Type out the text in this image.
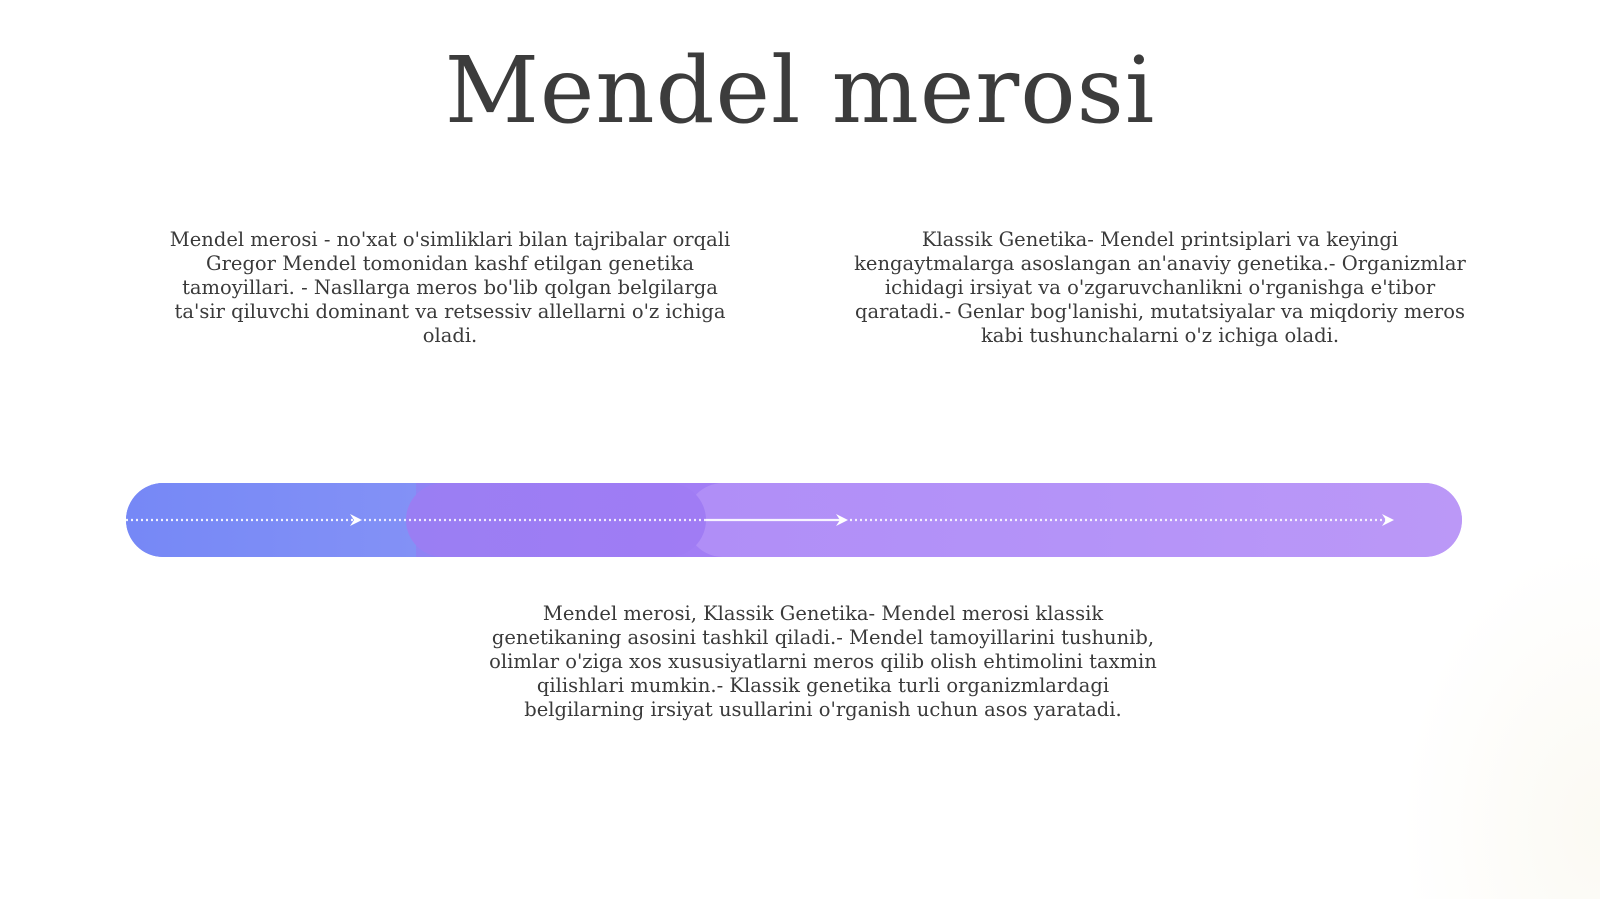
Mendel merosi
Mendel merosi - no'xat o'simliklari bilan tajribalar orqali Gregor Mendel tomonidan kashf etilgan genetika tamoyillari. - Nasllarga meros bo'lib qolgan belgilarga ta'sir qiluvchi dominant va retsessiv allellarni o'z ichiga oladi.
Klassik Genetika- Mendel printsiplari va keyingi kengaytmalarga asoslangan an'anaviy genetika.- Organizmlar ichidagi irsiyat va o'zgaruvchanlikni o'rganishga e'tibor qaratadi.- Genlar bog'lanishi, mutatsiyalar va miqdoriy meros kabi tushunchalarni o'z ichiga oladi.
Mendel merosi, Klassik Genetika- Mendel merosi klassik genetikaning asosini tashkil qiladi.- Mendel tamoyillarini tushunib, olimlar o'ziga xos xususiyatlarni meros qilib olish ehtimolini taxmin qilishlari mumkin.- Klassik genetika turli organizmlardagi belgilarning irsiyat usullarini o'rganish uchun asos yaratadi.
